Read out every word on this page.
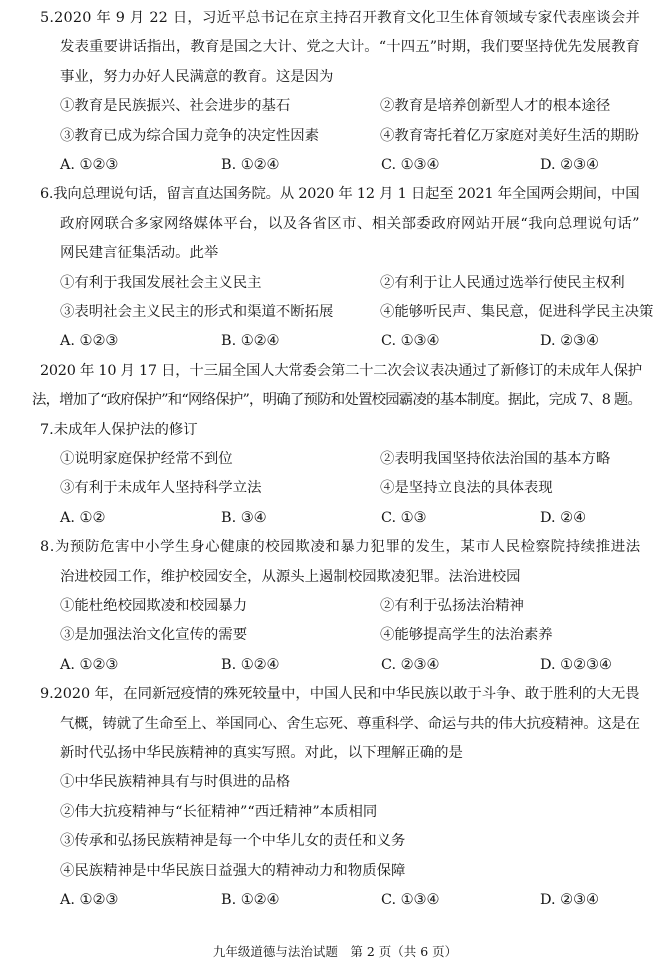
5.2020 年 9 月 22 日，习近平总书记在京主持召开教育文化卫生体育领域专家代表座谈会并
发表重要讲话指出，教育是国之大计、党之大计。“十四五”时期，我们要坚持优先发展教育
事业，努力办好人民满意的教育。这是因为
①教育是民族振兴、社会进步的基石	②教育是培养创新型人才的根本途径
③教育已成为综合国力竞争的决定性因素	④教育寄托着亿万家庭对美好生活的期盼
A. ①②③	B. ①②④	C. ①③④	D. ②③④
6.我向总理说句话，留言直达国务院。从 2020 年 12 月 1 日起至 2021 年全国两会期间，中国
政府网联合多家网络媒体平台，以及各省区市、相关部委政府网站开展“我向总理说句话”
网民建言征集活动。此举
①有利于我国发展社会主义民主	②有利于让人民通过选举行使民主权利
③表明社会主义民主的形式和渠道不断拓展	④能够听民声、集民意，促进科学民主决策
A. ①②③	B. ①②④	C. ①③④	D. ②③④
2020 年 10 月 17 日，十三届全国人大常委会第二十二次会议表决通过了新修订的未成年人保护
法，增加了“政府保护”和“网络保护”，明确了预防和处置校园霸凌的基本制度。据此，完成 7、8 题。
7.未成年人保护法的修订
①说明家庭保护经常不到位	②表明我国坚持依法治国的基本方略
③有利于未成年人坚持科学立法	④是坚持立良法的具体表现
A. ①②	B. ③④	C. ①③	D. ②④
8.为预防危害中小学生身心健康的校园欺凌和暴力犯罪的发生，某市人民检察院持续推进法
治进校园工作，维护校园安全，从源头上遏制校园欺凌犯罪。法治进校园
①能杜绝校园欺凌和校园暴力	②有利于弘扬法治精神
③是加强法治文化宣传的需要	④能够提高学生的法治素养
A. ①②③	B. ①②④	C. ②③④	D. ①②③④
9.2020 年，在同新冠疫情的殊死较量中，中国人民和中华民族以敢于斗争、敢于胜利的大无畏
气概，铸就了生命至上、举国同心、舍生忘死、尊重科学、命运与共的伟大抗疫精神。这是在
新时代弘扬中华民族精神的真实写照。对此，以下理解正确的是
①中华民族精神具有与时俱进的品格
②伟大抗疫精神与“长征精神”“西迁精神”本质相同
③传承和弘扬民族精神是每一个中华儿女的责任和义务
④民族精神是中华民族日益强大的精神动力和物质保障
A. ①②③	B. ①②④	C. ①③④	D. ②③④
九年级道德与法治试题　第 2 页（共 6 页）
